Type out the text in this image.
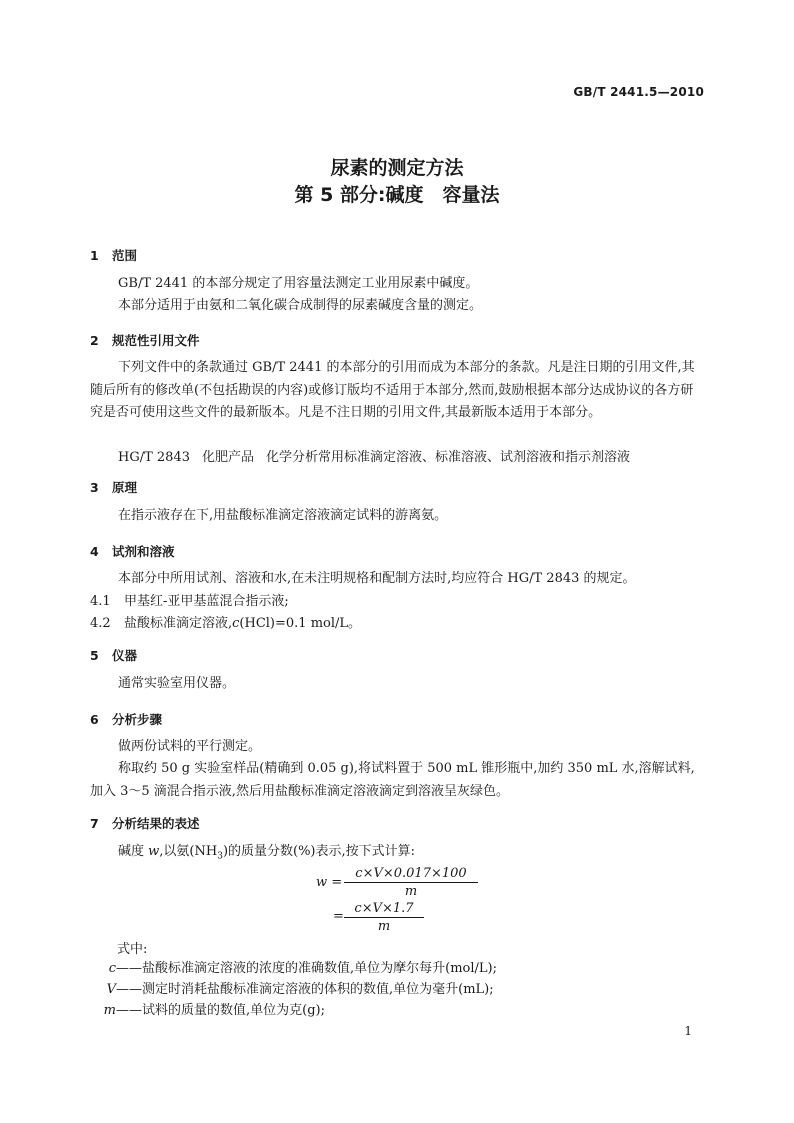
GB/T 2441.5—2010
尿素的测定方法
第 5 部分:碱度　容量法
1 范围
GB/T 2441 的本部分规定了用容量法测定工业用尿素中碱度。
本部分适用于由氨和二氧化碳合成制得的尿素碱度含量的测定。
2 规范性引用文件
下列文件中的条款通过 GB/T 2441 的本部分的引用而成为本部分的条款。凡是注日期的引用文件,其随后所有的修改单(不包括勘误的内容)或修订版均不适用于本部分,然而,鼓励根据本部分达成协议的各方研究是否可使用这些文件的最新版本。凡是不注日期的引用文件,其最新版本适用于本部分。
HG/T 2843 化肥产品 化学分析常用标准滴定溶液、标准溶液、试剂溶液和指示剂溶液
3 原理
在指示液存在下,用盐酸标准滴定溶液滴定试料的游离氨。
4 试剂和溶液
本部分中所用试剂、溶液和水,在未注明规格和配制方法时,均应符合 HG/T 2843 的规定。
4.1 甲基红-亚甲基蓝混合指示液;
4.2 盐酸标准滴定溶液,c(HCl)=0.1 mol/L。
5 仪器
通常实验室用仪器。
6 分析步骤
做两份试料的平行测定。
称取约 50 g 实验室样品(精确到 0.05 g),将试料置于 500 mL 锥形瓶中,加约 350 mL 水,溶解试料,加入 3～5 滴混合指示液,然后用盐酸标准滴定溶液滴定到溶液呈灰绿色。
7 分析结果的表述
碱度 w,以氨$(NH_3)$的质量分数(%)表示,按下式计算:
w =
c×V×0.017×100
m
=
c×V×1.7
m
式中:
c——盐酸标准滴定溶液的浓度的准确数值,单位为摩尔每升(mol/L);
V——测定时消耗盐酸标准滴定溶液的体积的数值,单位为毫升(mL);
m——试料的质量的数值,单位为克(g);
1
